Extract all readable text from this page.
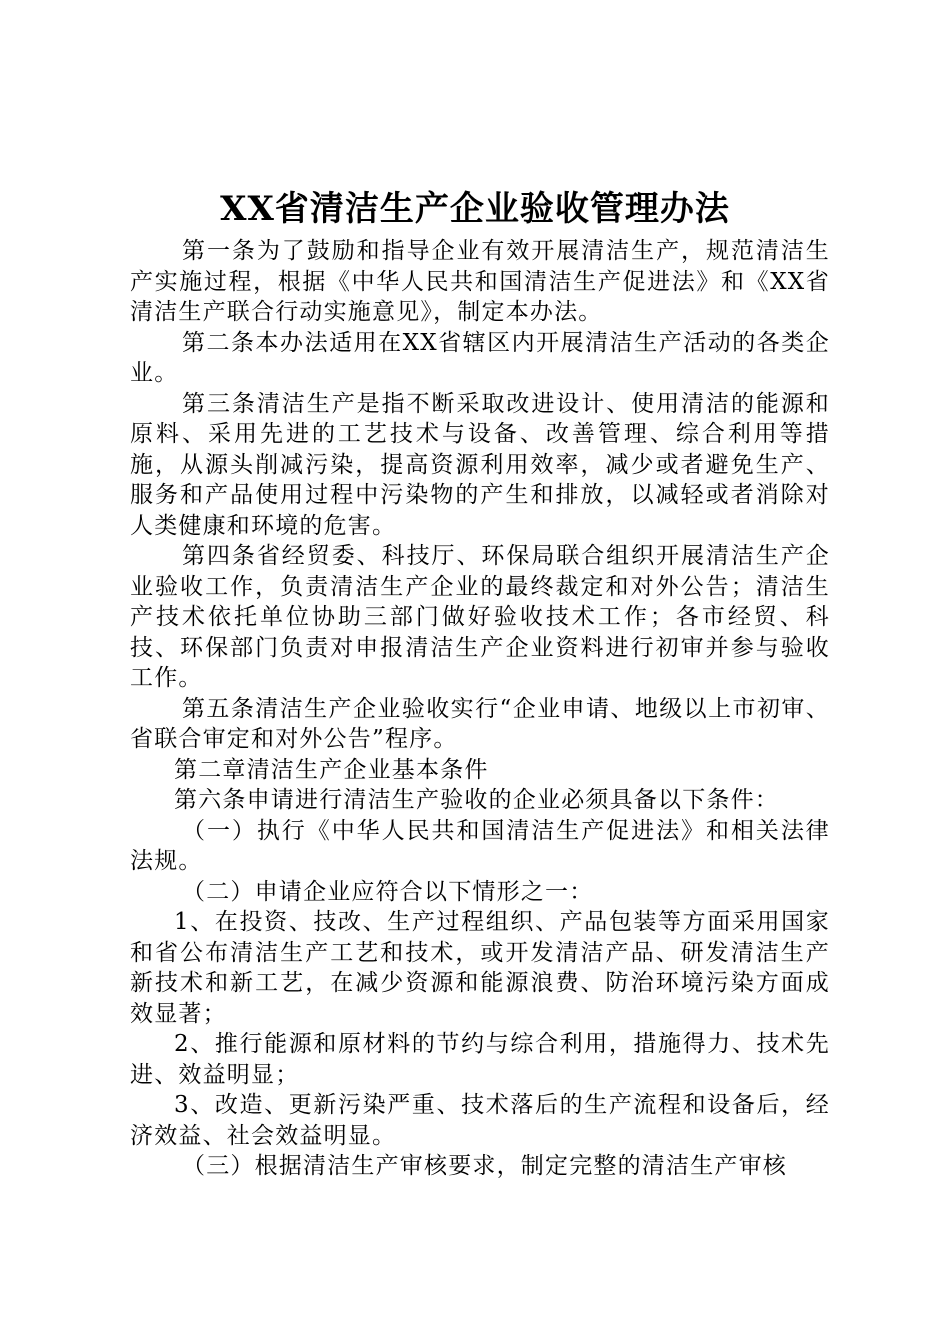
XX省清洁生产企业验收管理办法

第一条为了鼓励和指导企业有效开展清洁生产，规范清洁生产实施过程，根据《中华人民共和国清洁生产促进法》和《XX省清洁生产联合行动实施意见》，制定本办法。

第二条本办法适用在XX省辖区内开展清洁生产活动的各类企业。

第三条清洁生产是指不断采取改进设计、使用清洁的能源和原料、采用先进的工艺技术与设备、改善管理、综合利用等措施，从源头削减污染，提高资源利用效率，减少或者避免生产、服务和产品使用过程中污染物的产生和排放，以减轻或者消除对人类健康和环境的危害。

第四条省经贸委、科技厅、环保局联合组织开展清洁生产企业验收工作，负责清洁生产企业的最终裁定和对外公告；清洁生产技术依托单位协助三部门做好验收技术工作；各市经贸、科技、环保部门负责对申报清洁生产企业资料进行初审并参与验收工作。

第五条清洁生产企业验收实行“企业申请、地级以上市初审、省联合审定和对外公告”程序。

第二章清洁生产企业基本条件

第六条申请进行清洁生产验收的企业必须具备以下条件：

（一）执行《中华人民共和国清洁生产促进法》和相关法律法规。

（二）申请企业应符合以下情形之一：

1、在投资、技改、生产过程组织、产品包装等方面采用国家和省公布清洁生产工艺和技术，或开发清洁产品、研发清洁生产新技术和新工艺，在减少资源和能源浪费、防治环境污染方面成效显著；

2、推行能源和原材料的节约与综合利用，措施得力、技术先进、效益明显；

3、改造、更新污染严重、技术落后的生产流程和设备后，经济效益、社会效益明显。

（三）根据清洁生产审核要求，制定完整的清洁生产审核
